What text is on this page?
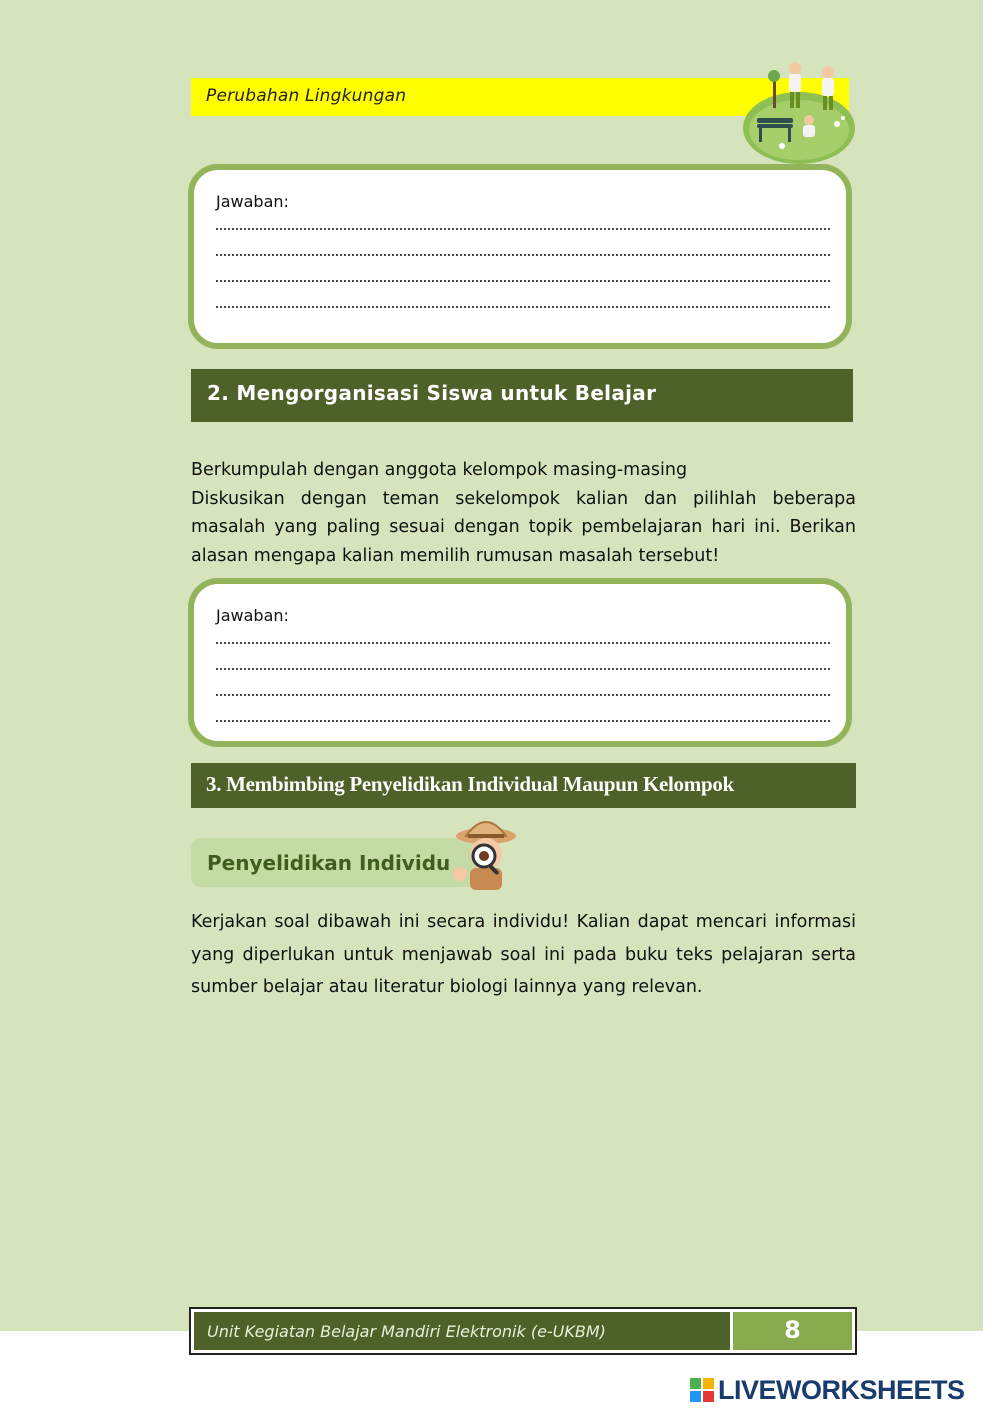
Perubahan Lingkungan
Jawaban:
2. Mengorganisasi Siswa untuk Belajar

Berkumpulah dengan anggota kelompok masing-masing

Diskusikan dengan teman sekelompok kalian dan pilihlah beberapa masalah yang paling sesuai dengan topik pembelajaran hari ini. Berikan alasan mengapa kalian memilih rumusan masalah tersebut!

Jawaban:
3. Membimbing Penyelidikan Individual Maupun Kelompok
Penyelidikan Individu
Kerjakan soal dibawah ini secara individu! Kalian dapat mencari informasi yang diperlukan untuk menjawab soal ini pada buku teks pelajaran serta sumber belajar atau literatur biologi lainnya yang relevan.
Unit Kegiatan Belajar Mandiri Elektronik (e-UKBM)	8
LIVEWORKSHEETS
